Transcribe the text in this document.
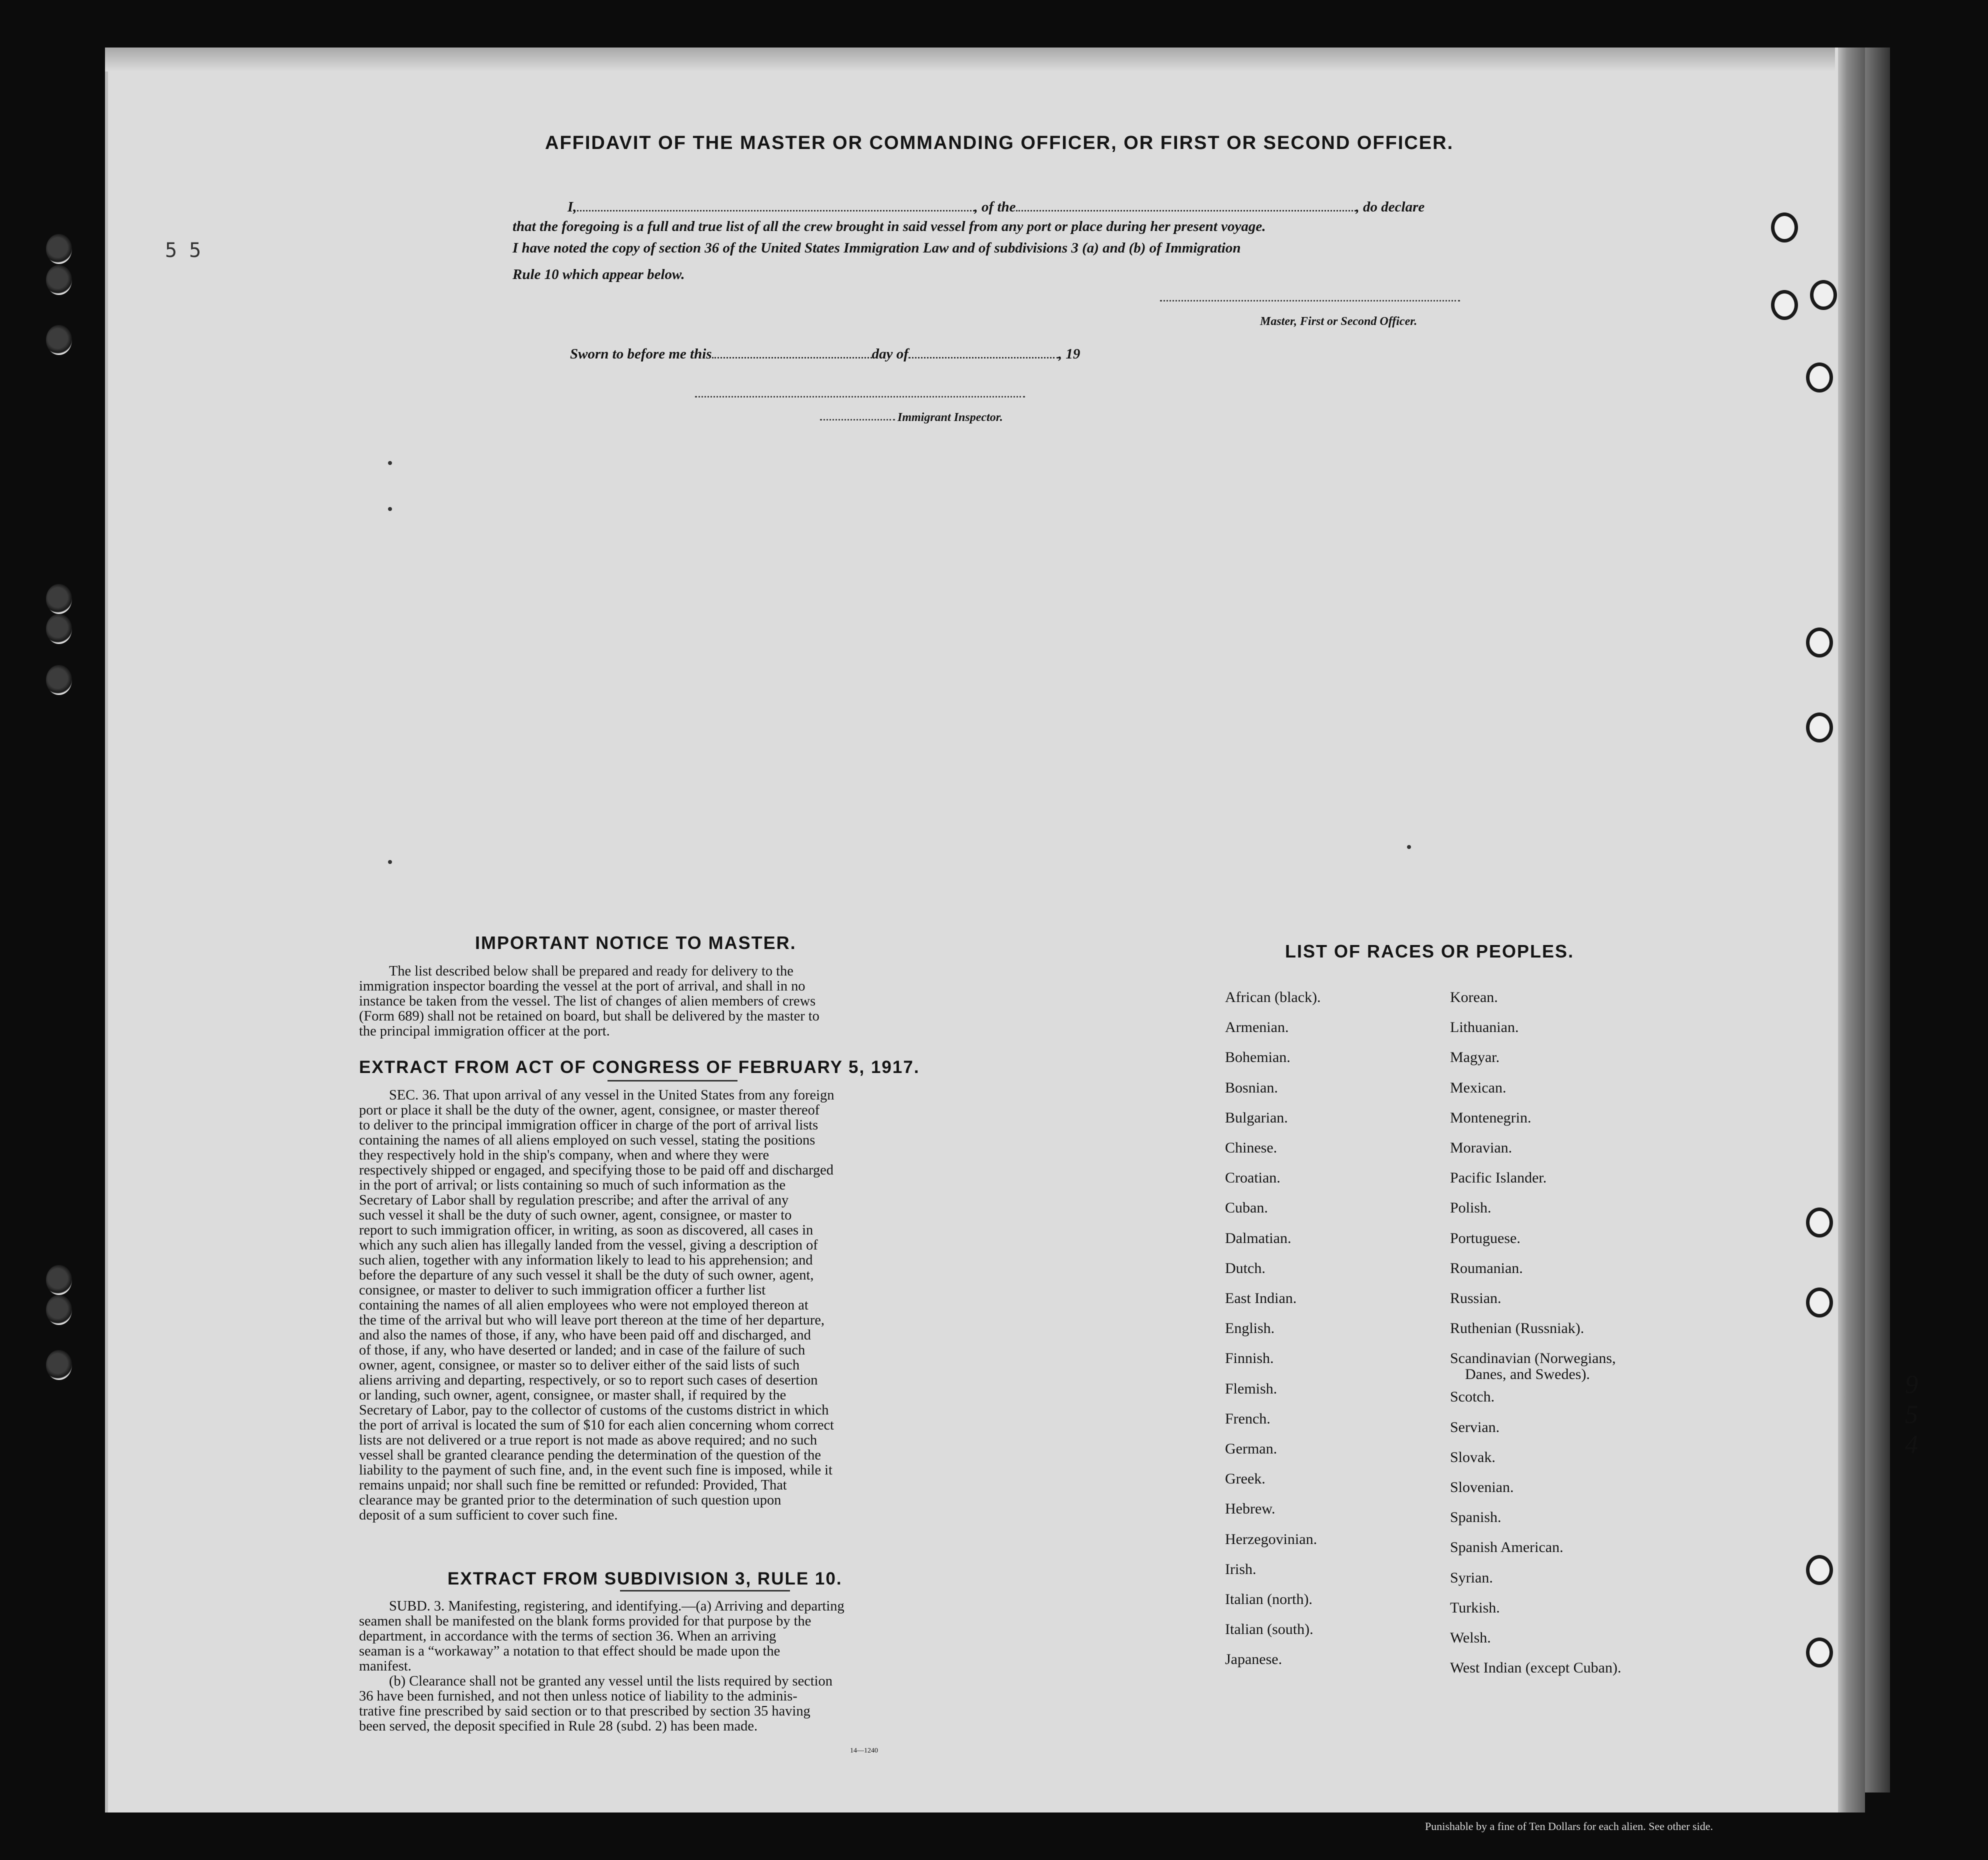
5 5
9
5
4
AFFIDAVIT OF THE MASTER OR COMMANDING OFFICER, OR FIRST OR SECOND OFFICER.
I,	, of the	, do declare
that the foregoing is a full and true list of all the crew brought in said vessel from any port or place during her present voyage.
I have noted the copy of section 36 of the United States Immigration Law and of subdivisions 3 (a) and (b) of Immigration
Rule 10 which appear below.
Master, First or Second Officer.
Sworn to before me this	day of	, 19
Immigrant Inspector.
IMPORTANT NOTICE TO MASTER.
The list described below shall be prepared and ready for delivery to the
immigration inspector boarding the vessel at the port of arrival, and shall in no
instance be taken from the vessel. The list of changes of alien members of crews
(Form 689) shall not be retained on board, but shall be delivered by the master to
the principal immigration officer at the port.
EXTRACT FROM ACT OF CONGRESS OF FEBRUARY 5, 1917.
SEC. 36. That upon arrival of any vessel in the United States from any foreign
port or place it shall be the duty of the owner, agent, consignee, or master thereof
to deliver to the principal immigration officer in charge of the port of arrival lists
containing the names of all aliens employed on such vessel, stating the positions
they respectively hold in the ship's company, when and where they were
respectively shipped or engaged, and specifying those to be paid off and discharged
in the port of arrival; or lists containing so much of such information as the
Secretary of Labor shall by regulation prescribe; and after the arrival of any
such vessel it shall be the duty of such owner, agent, consignee, or master to
report to such immigration officer, in writing, as soon as discovered, all cases in
which any such alien has illegally landed from the vessel, giving a description of
such alien, together with any information likely to lead to his apprehension; and
before the departure of any such vessel it shall be the duty of such owner, agent,
consignee, or master to deliver to such immigration officer a further list
containing the names of all alien employees who were not employed thereon at
the time of the arrival but who will leave port thereon at the time of her departure,
and also the names of those, if any, who have been paid off and discharged, and
of those, if any, who have deserted or landed; and in case of the failure of such
owner, agent, consignee, or master so to deliver either of the said lists of such
aliens arriving and departing, respectively, or so to report such cases of desertion
or landing, such owner, agent, consignee, or master shall, if required by the
Secretary of Labor, pay to the collector of customs of the customs district in which
the port of arrival is located the sum of $10 for each alien concerning whom correct
lists are not delivered or a true report is not made as above required; and no such
vessel shall be granted clearance pending the determination of the question of the
liability to the payment of such fine, and, in the event such fine is imposed, while it
remains unpaid; nor shall such fine be remitted or refunded: Provided, That
clearance may be granted prior to the determination of such question upon
deposit of a sum sufficient to cover such fine.
EXTRACT FROM SUBDIVISION 3, RULE 10.
SUBD. 3. Manifesting, registering, and identifying.—(a) Arriving and departing
seamen shall be manifested on the blank forms provided for that purpose by the
department, in accordance with the terms of section 36. When an arriving
seaman is a “workaway” a notation to that effect should be made upon the
manifest.
(b) Clearance shall not be granted any vessel until the lists required by section
36 have been furnished, and not then unless notice of liability to the adminis-
trative fine prescribed by said section or to that prescribed by section 35 having
been served, the deposit specified in Rule 28 (subd. 2) has been made.
14—1240
LIST OF RACES OR PEOPLES.
African (black).
Armenian.
Bohemian.
Bosnian.
Bulgarian.
Chinese.
Croatian.
Cuban.
Dalmatian.
Dutch.
East Indian.
English.
Finnish.
Flemish.
French.
German.
Greek.
Hebrew.
Herzegovinian.
Irish.
Italian (north).
Italian (south).
Japanese.
Korean.
Lithuanian.
Magyar.
Mexican.
Montenegrin.
Moravian.
Pacific Islander.
Polish.
Portuguese.
Roumanian.
Russian.
Ruthenian (Russniak).
Scandinavian (Norwegians,
Danes, and Swedes).
Scotch.
Servian.
Slovak.
Slovenian.
Spanish.
Spanish American.
Syrian.
Turkish.
Welsh.
West Indian (except Cuban).
Punishable by a fine of Ten Dollars for each alien. See other side.
